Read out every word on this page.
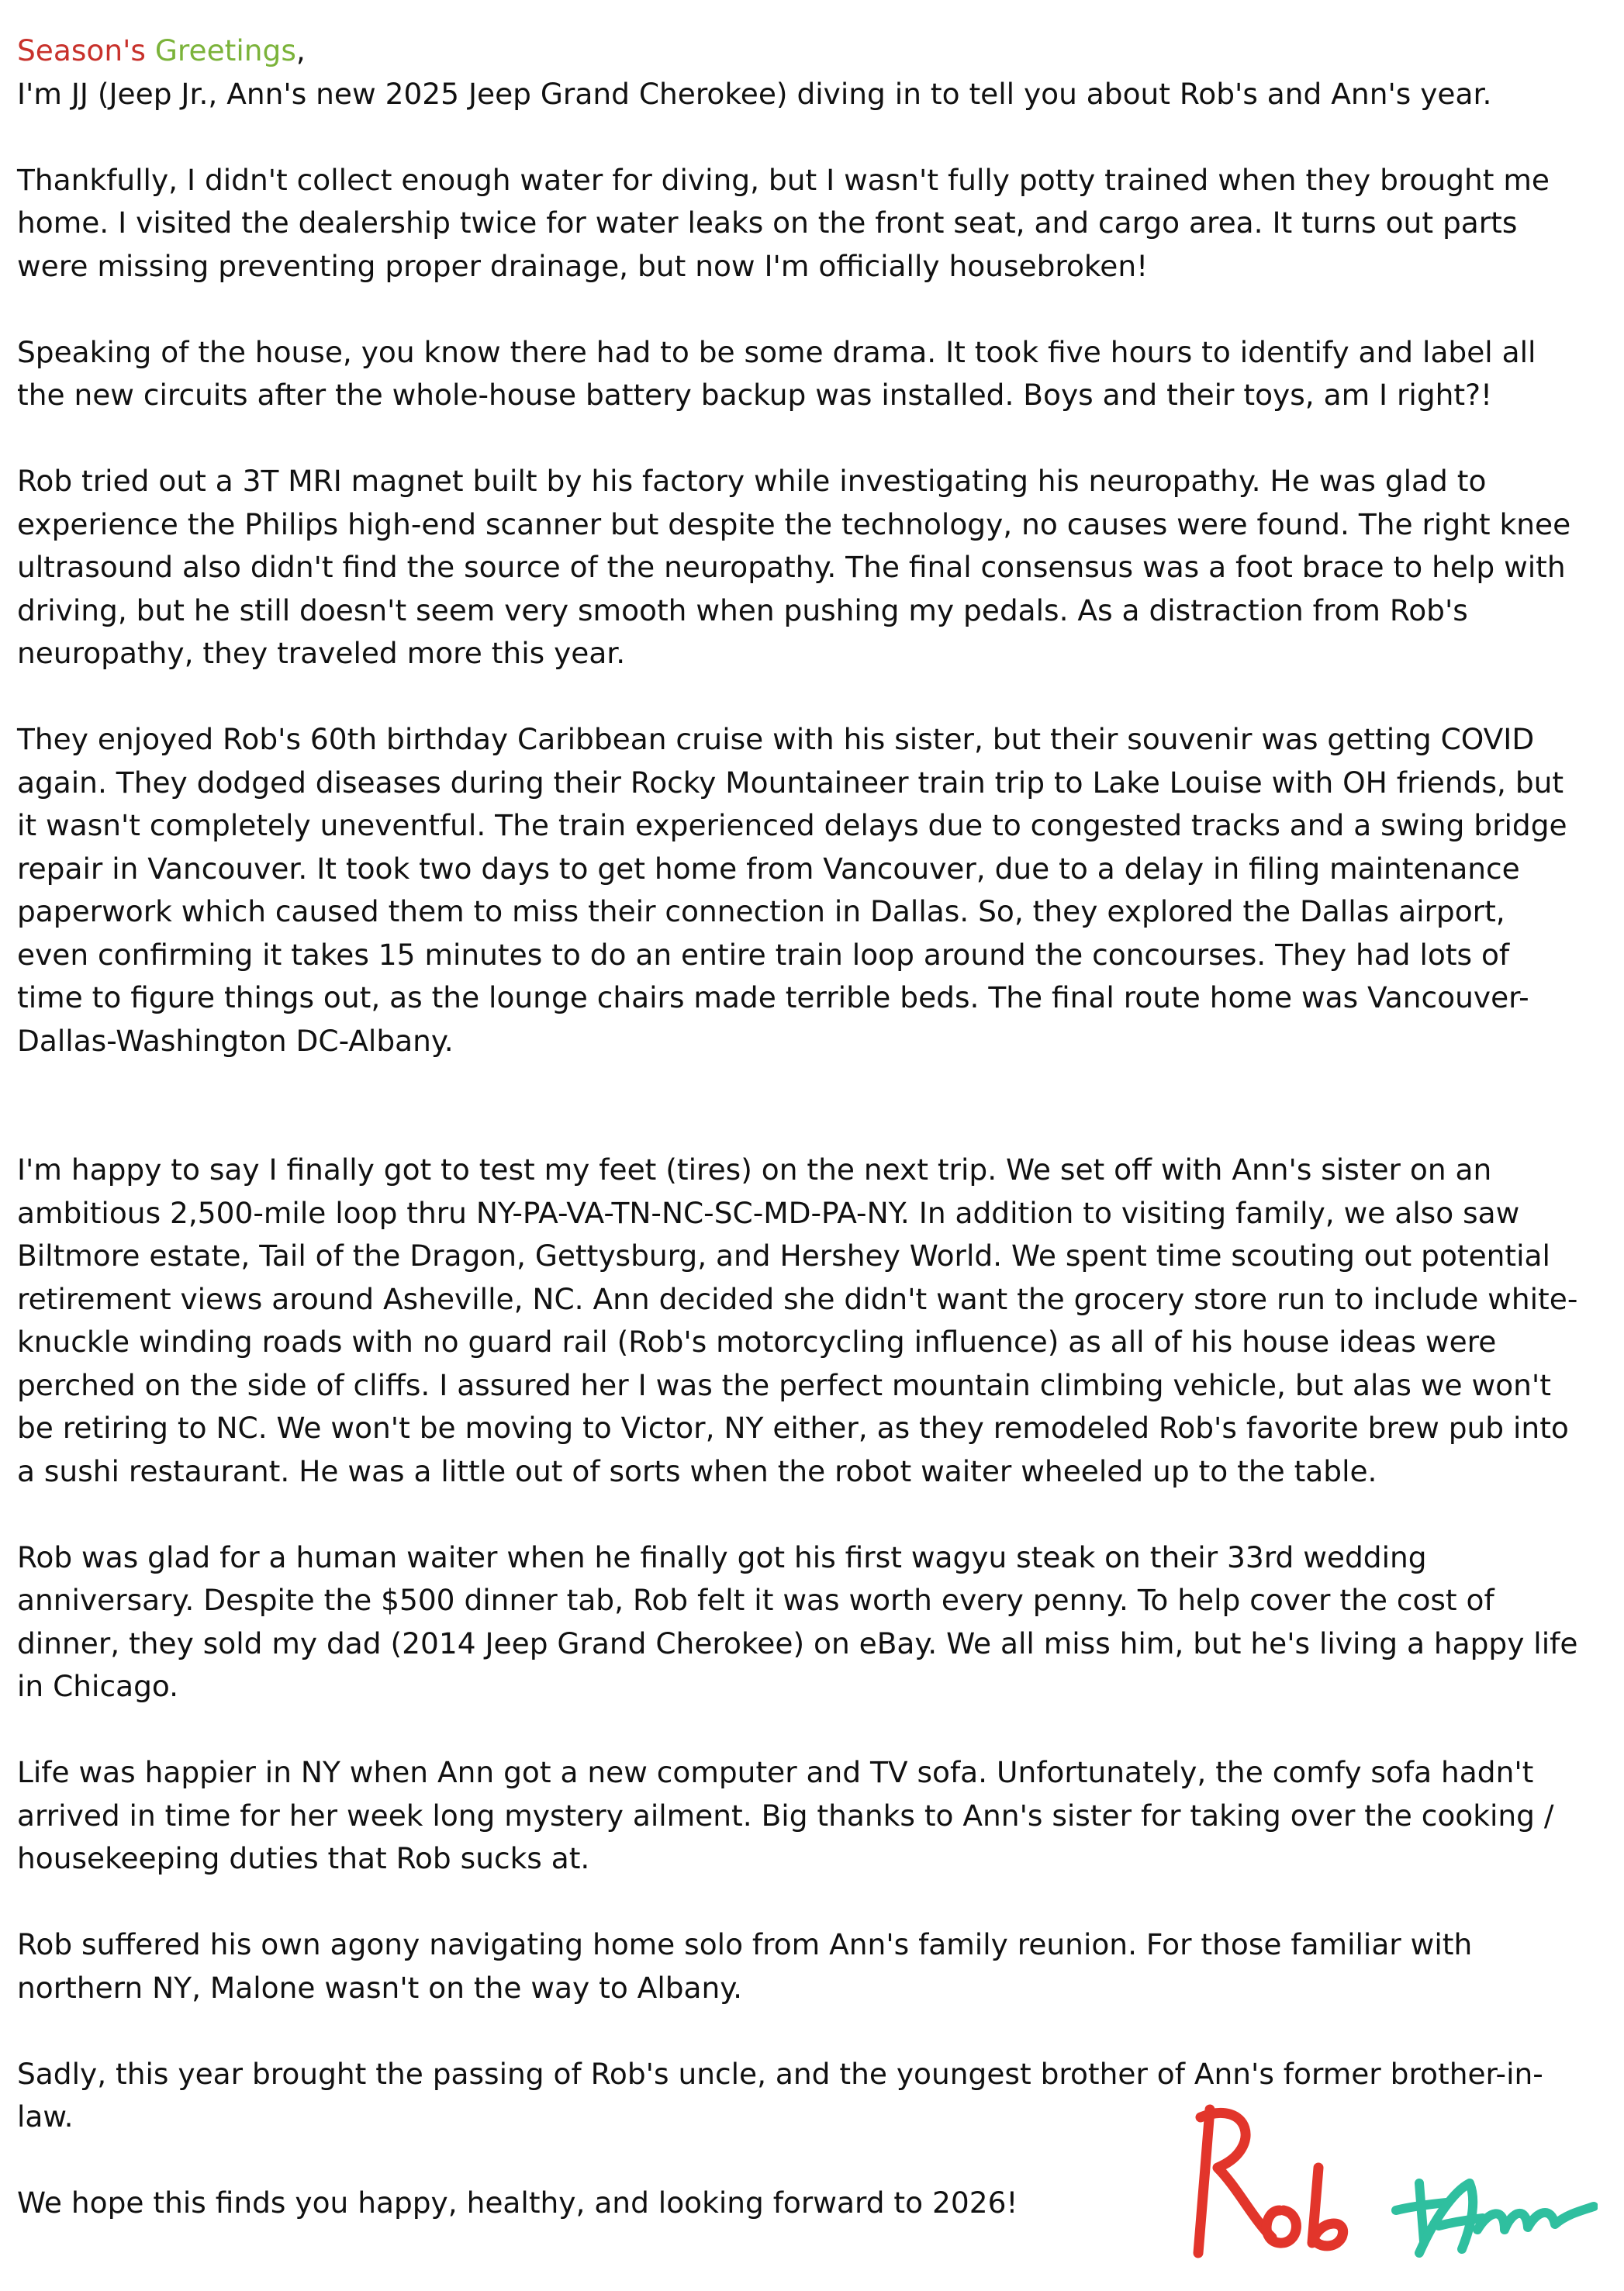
Season's Greetings,
I'm JJ (Jeep Jr., Ann's new 2025 Jeep Grand Cherokee) diving in to tell you about Rob's and Ann's year.

Thankfully, I didn't collect enough water for diving, but I wasn't fully potty trained when they brought me home. I visited the dealership twice for water leaks on the front seat, and cargo area. It turns out parts were missing preventing proper drainage, but now I'm officially housebroken!

Speaking of the house, you know there had to be some drama. It took five hours to identify and label all the new circuits after the whole-house battery backup was installed. Boys and their toys, am I right?!

Rob tried out a 3T MRI magnet built by his factory while investigating his neuropathy. He was glad to experience the Philips high-end scanner but despite the technology, no causes were found. The right knee ultrasound also didn't find the source of the neuropathy. The final consensus was a foot brace to help with driving, but he still doesn't seem very smooth when pushing my pedals. As a distraction from Rob's neuropathy, they traveled more this year.

They enjoyed Rob's 60th birthday Caribbean cruise with his sister, but their souvenir was getting COVID again. They dodged diseases during their Rocky Mountaineer train trip to Lake Louise with OH friends, but it wasn't completely uneventful. The train experienced delays due to congested tracks and a swing bridge repair in Vancouver. It took two days to get home from Vancouver, due to a delay in filing maintenance paperwork which caused them to miss their connection in Dallas. So, they explored the Dallas airport, even confirming it takes 15 minutes to do an entire train loop around the concourses. They had lots of time to figure things out, as the lounge chairs made terrible beds. The final route home was Vancouver-Dallas-Washington DC-Albany.

I'm happy to say I finally got to test my feet (tires) on the next trip. We set off with Ann's sister on an ambitious 2,500-mile loop thru NY-PA-VA-TN-NC-SC-MD-PA-NY. In addition to visiting family, we also saw Biltmore estate, Tail of the Dragon, Gettysburg, and Hershey World. We spent time scouting out potential retirement views around Asheville, NC. Ann decided she didn't want the grocery store run to include white-knuckle winding roads with no guard rail (Rob's motorcycling influence) as all of his house ideas were perched on the side of cliffs. I assured her I was the perfect mountain climbing vehicle, but alas we won't be retiring to NC. We won't be moving to Victor, NY either, as they remodeled Rob's favorite brew pub into a sushi restaurant. He was a little out of sorts when the robot waiter wheeled up to the table.

Rob was glad for a human waiter when he finally got his first wagyu steak on their 33rd wedding anniversary. Despite the $500 dinner tab, Rob felt it was worth every penny. To help cover the cost of dinner, they sold my dad (2014 Jeep Grand Cherokee) on eBay. We all miss him, but he's living a happy life in Chicago.

Life was happier in NY when Ann got a new computer and TV sofa. Unfortunately, the comfy sofa hadn't arrived in time for her week long mystery ailment. Big thanks to Ann's sister for taking over the cooking / housekeeping duties that Rob sucks at.

Rob suffered his own agony navigating home solo from Ann's family reunion. For those familiar with northern NY, Malone wasn't on the way to Albany.

Sadly, this year brought the passing of Rob's uncle, and the youngest brother of Ann's former brother-in-law.

We hope this finds you happy, healthy, and looking forward to 2026!
